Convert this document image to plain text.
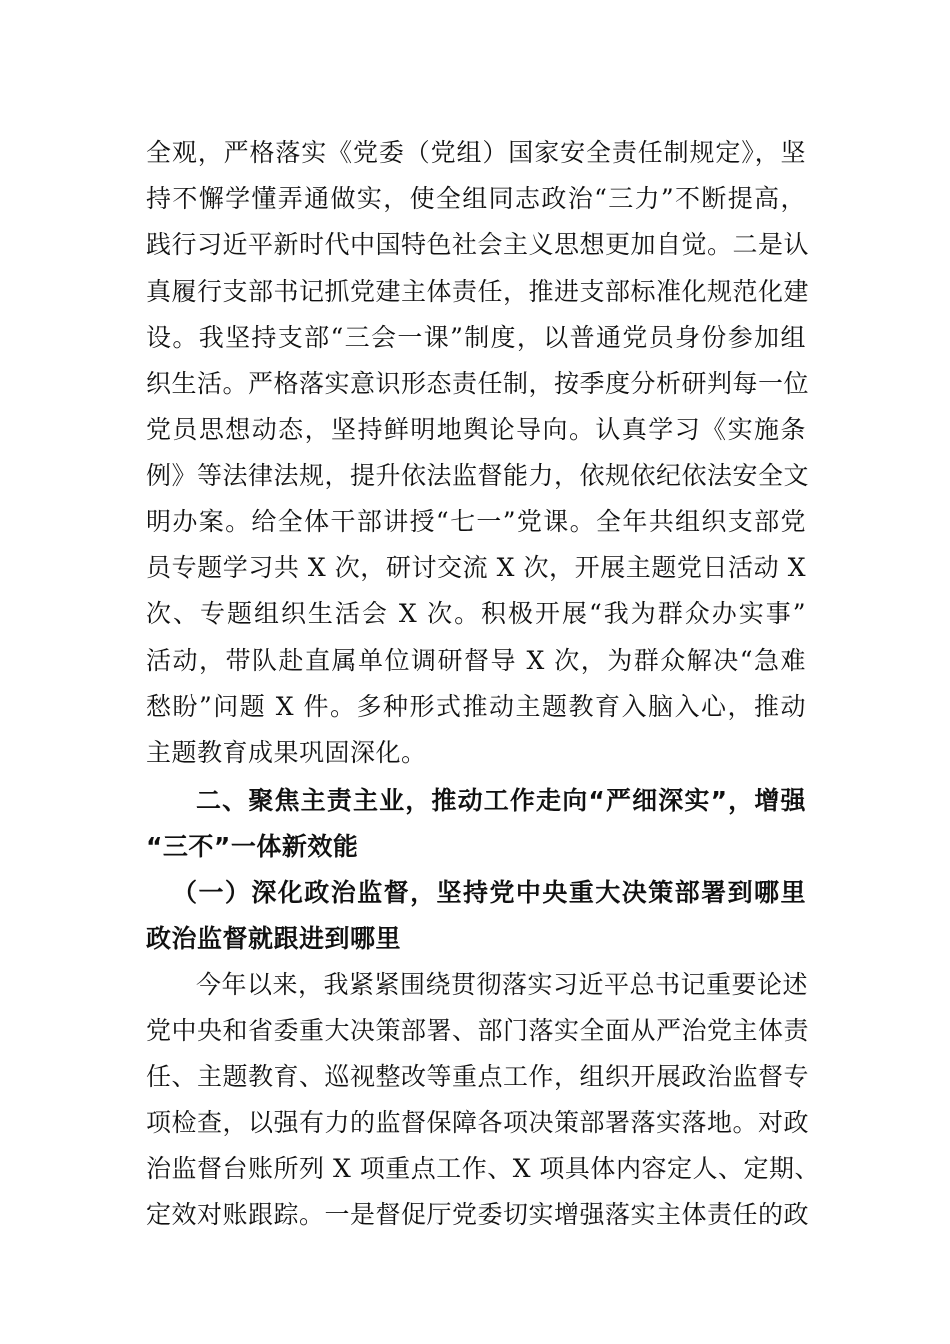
全观，严格落实《党委（党组）国家安全责任制规定》，坚
持不懈学懂弄通做实，使全组同志政治“三力”不断提高，
践行习近平新时代中国特色社会主义思想更加自觉。二是认
真履行支部书记抓党建主体责任，推进支部标准化规范化建
设。我坚持支部“三会一课”制度，以普通党员身份参加组
织生活。严格落实意识形态责任制，按季度分析研判每一位
党员思想动态，坚持鲜明地舆论导向。认真学习《实施条
例》等法律法规，提升依法监督能力，依规依纪依法安全文
明办案。给全体干部讲授“七一”党课。全年共组织支部党
员专题学习共 X 次，研讨交流 X 次，开展主题党日活动 X
次、专题组织生活会 X 次。积极开展“我为群众办实事”
活动，带队赴直属单位调研督导 X 次，为群众解决“急难
愁盼”问题 X 件。多种形式推动主题教育入脑入心，推动
主题教育成果巩固深化。
二、聚焦主责主业，推动工作走向“严细深实”，增强
“三不”一体新效能
（一）深化政治监督，坚持党中央重大决策部署到哪里
政治监督就跟进到哪里
今年以来，我紧紧围绕贯彻落实习近平总书记重要论述
党中央和省委重大决策部署、部门落实全面从严治党主体责
任、主题教育、巡视整改等重点工作，组织开展政治监督专
项检查，以强有力的监督保障各项决策部署落实落地。对政
治监督台账所列 X 项重点工作、X 项具体内容定人、定期、
定效对账跟踪。一是督促厅党委切实增强落实主体责任的政
